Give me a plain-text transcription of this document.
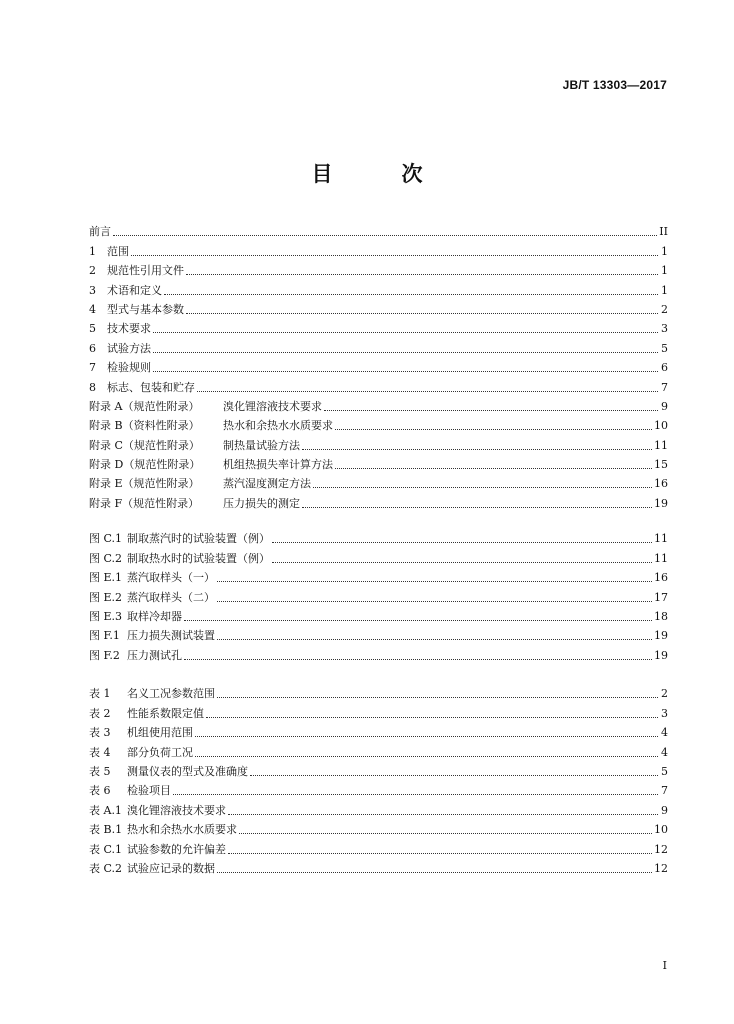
JB/T 13303—2017
目　次
前言	II
1	范围	1
2	规范性引用文件	1
3	术语和定义	1
4	型式与基本参数	2
5	技术要求	3
6	试验方法	5
7	检验规则	6
8	标志、包装和贮存	7
附录 A（规范性附录）	溴化锂溶液技术要求	9
附录 B（资料性附录）	热水和余热水水质要求	10
附录 C（规范性附录）	制热量试验方法	11
附录 D（规范性附录）	机组热损失率计算方法	15
附录 E（规范性附录）	蒸汽湿度测定方法	16
附录 F（规范性附录）	压力损失的测定	19
图 C.1 制取蒸汽时的试验装置（例）	11
图 C.2 制取热水时的试验装置（例）	11
图 E.1 蒸汽取样头（一）	16
图 E.2 蒸汽取样头（二）	17
图 E.3 取样冷却器	18
图 F.1 压力损失测试装置	19
图 F.2 压力测试孔	19
表 1	名义工况参数范围	2
表 2	性能系数限定值	3
表 3	机组使用范围	4
表 4	部分负荷工况	4
表 5	测量仪表的型式及准确度	5
表 6	检验项目	7
表 A.1 溴化锂溶液技术要求	9
表 B.1 热水和余热水水质要求	10
表 C.1 试验参数的允许偏差	12
表 C.2 试验应记录的数据	12
I
